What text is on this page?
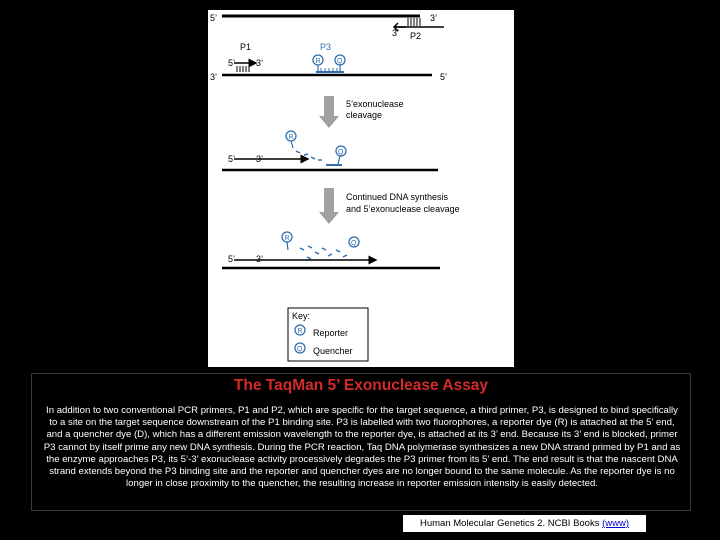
5’	3’
3’ P2
P1	P3
5’ 3’	R Q
3’	5’
5’exonuclease
cleavage
R
Q
5’ 3’
Continued DNA synthesis
and 5’exonuclease cleavage
R
Q
5’ 3’
Key:
R Reporter
Q Quencher
The TaqMan 5’ Exonuclease Assay
In addition to two conventional PCR primers, P1 and P2, which are specific for the target sequence, a third primer, P3, is designed to bind specifically to a site on the target sequence downstream of the P1 binding site. P3 is labelled with two fluorophores, a reporter dye (R) is attached at the 5’ end, and a quencher dye (D), which has a different emission wavelength to the reporter dye, is attached at its 3’ end. Because its 3’ end is blocked, primer P3 cannot by itself prime any new DNA synthesis. During the PCR reaction, Taq DNA polymerase synthesizes a new DNA strand primed by P1 and as the enzyme approaches P3, its 5’-3’ exonuclease activity processively degrades the P3 primer from its 5’ end. The end result is that the nascent DNA strand extends beyond the P3 binding site and the reporter and quencher dyes are no longer bound to the same molecule. As the reporter dye is no longer in close proximity to the quencher, the resulting increase in reporter emission intensity is easily detected.
Human Molecular Genetics 2. NCBI Books (www)
